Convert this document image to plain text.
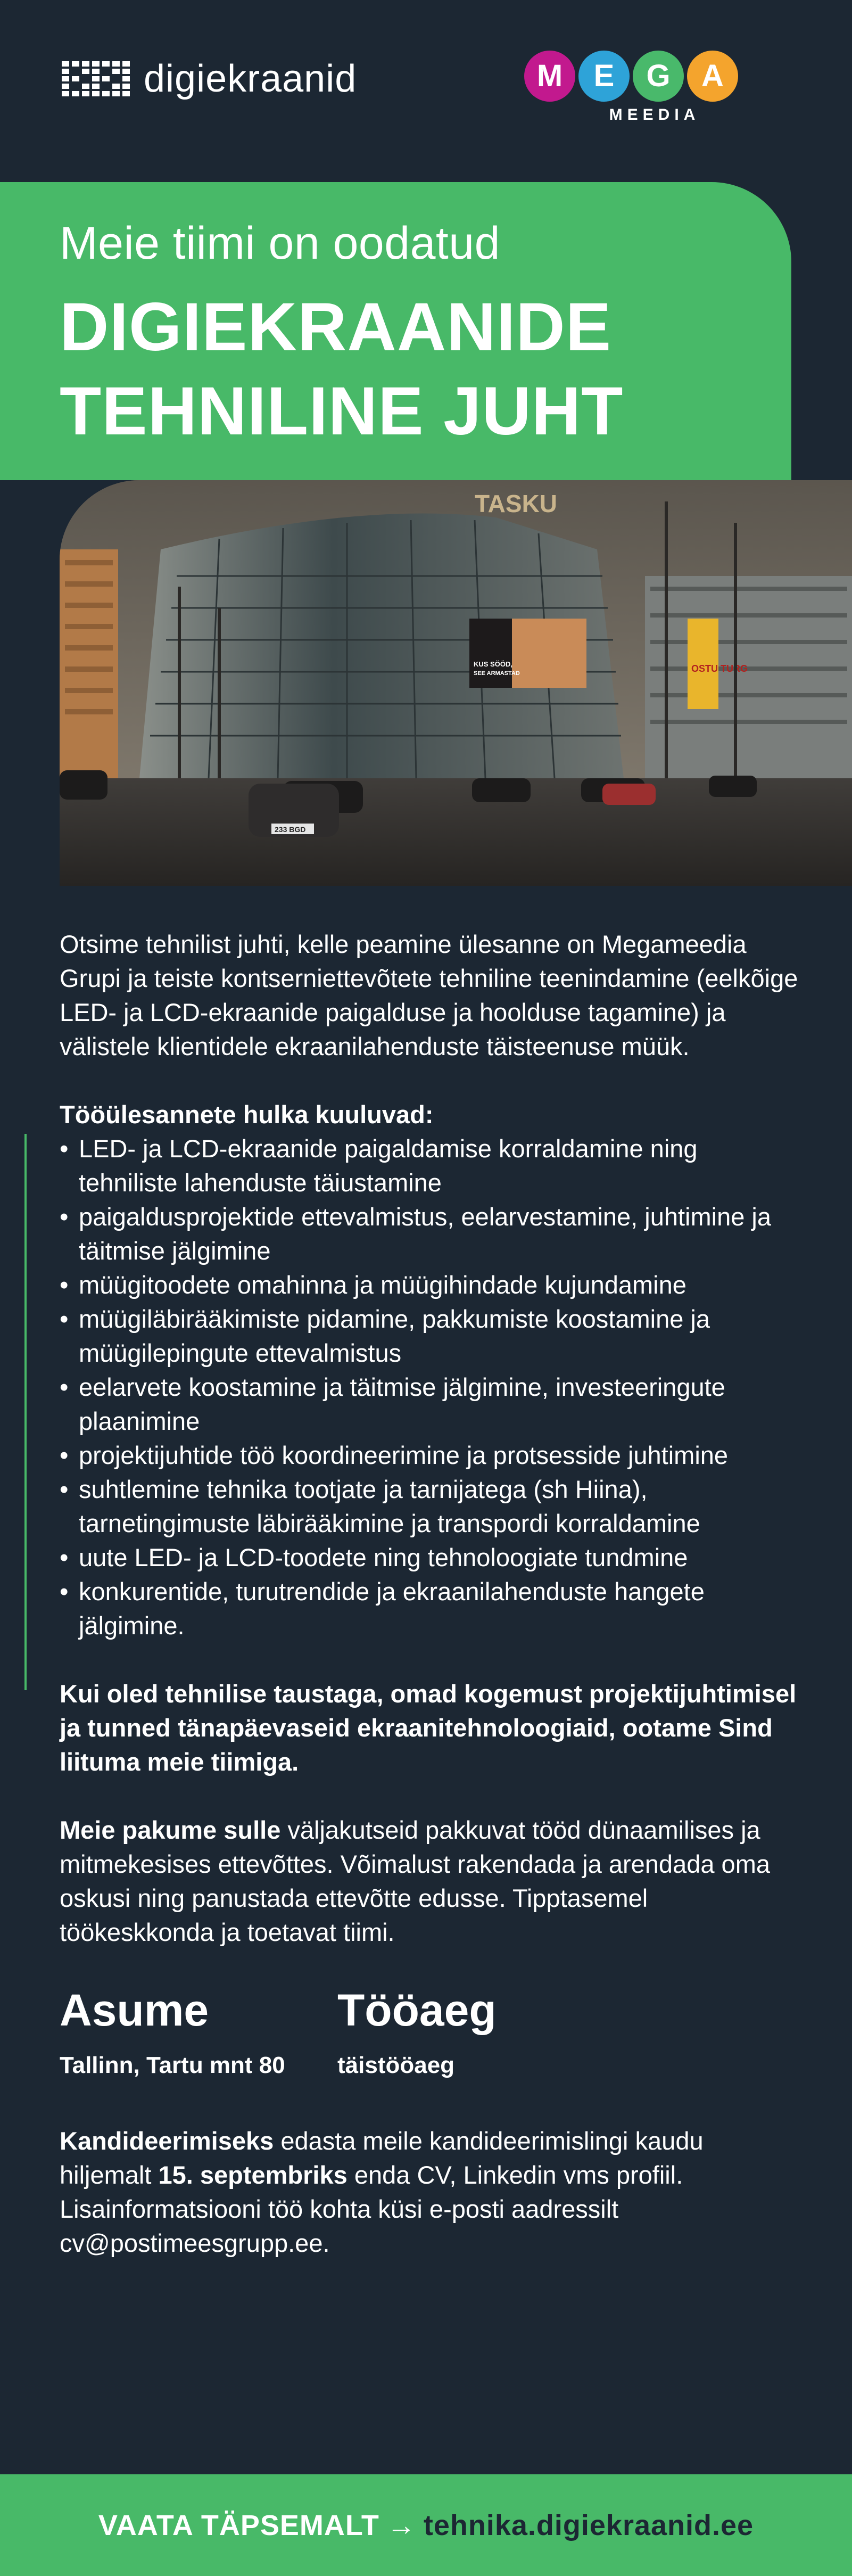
digiekraanid	M	E	G	A
MEEDIA
Meie tiimi on oodatud
DIGIEKRAANIDE
TEHNILINE JUHT
TASKU
KUS SÖÖD,
SEE ARMASTAD	OSTU TURG
233 BGD

Otsime tehnilist juhti, kelle peamine ülesanne on Megameedia Grupi ja teiste kontserniettevõtete tehniline teenindamine (eelkõige LED- ja LCD-ekraanide paigalduse ja hoolduse tagamine) ja välistele klientidele ekraanilahenduste täisteenuse müük.

Tööülesannete hulka kuuluvad:

• LED- ja LCD-ekraanide paigaldamise korraldamine ning tehniliste lahenduste täiustamine
• paigaldusprojektide ettevalmistus, eelarvestamine, juhtimine ja täitmise jälgimine
• müügitoodete omahinna ja müügihindade kujundamine
• müügiläbirääkimiste pidamine, pakkumiste koostamine ja müügilepingute ettevalmistus
• eelarvete koostamine ja täitmise jälgimine, investeeringute plaanimine
• projektijuhtide töö koordineerimine ja protsesside juhtimine
• suhtlemine tehnika tootjate ja tarnijatega (sh Hiina), tarnetingimuste läbirääkimine ja transpordi korraldamine
• uute LED- ja LCD-toodete ning tehnoloogiate tundmine
• konkurentide, turutrendide ja ekraanilahenduste hangete jälgimine.

Kui oled tehnilise taustaga, omad kogemust projektijuhtimisel ja tunned tänapäevaseid ekraanitehnoloogiaid, ootame Sind liituma meie tiimiga.

Meie pakume sulle väljakutseid pakkuvat tööd dünaamilises ja mitmekesises ettevõttes. Võimalust rakendada ja arendada oma oskusi ning panustada ettevõtte edusse. Tipptasemel töökeskkonda ja toetavat tiimi.

Asume
Tallinn, Tartu mnt 80
Tööaeg
täistööaeg

Kandideerimiseks edasta meile kandideerimislingi kaudu hiljemalt 15. septembriks enda CV, Linkedin vms profiil. Lisainformatsiooni töö kohta küsi e-posti aadressilt cv@postimeesgrupp.ee.

VAATA TÄPSEMALT → tehnika.digiekraanid.ee
